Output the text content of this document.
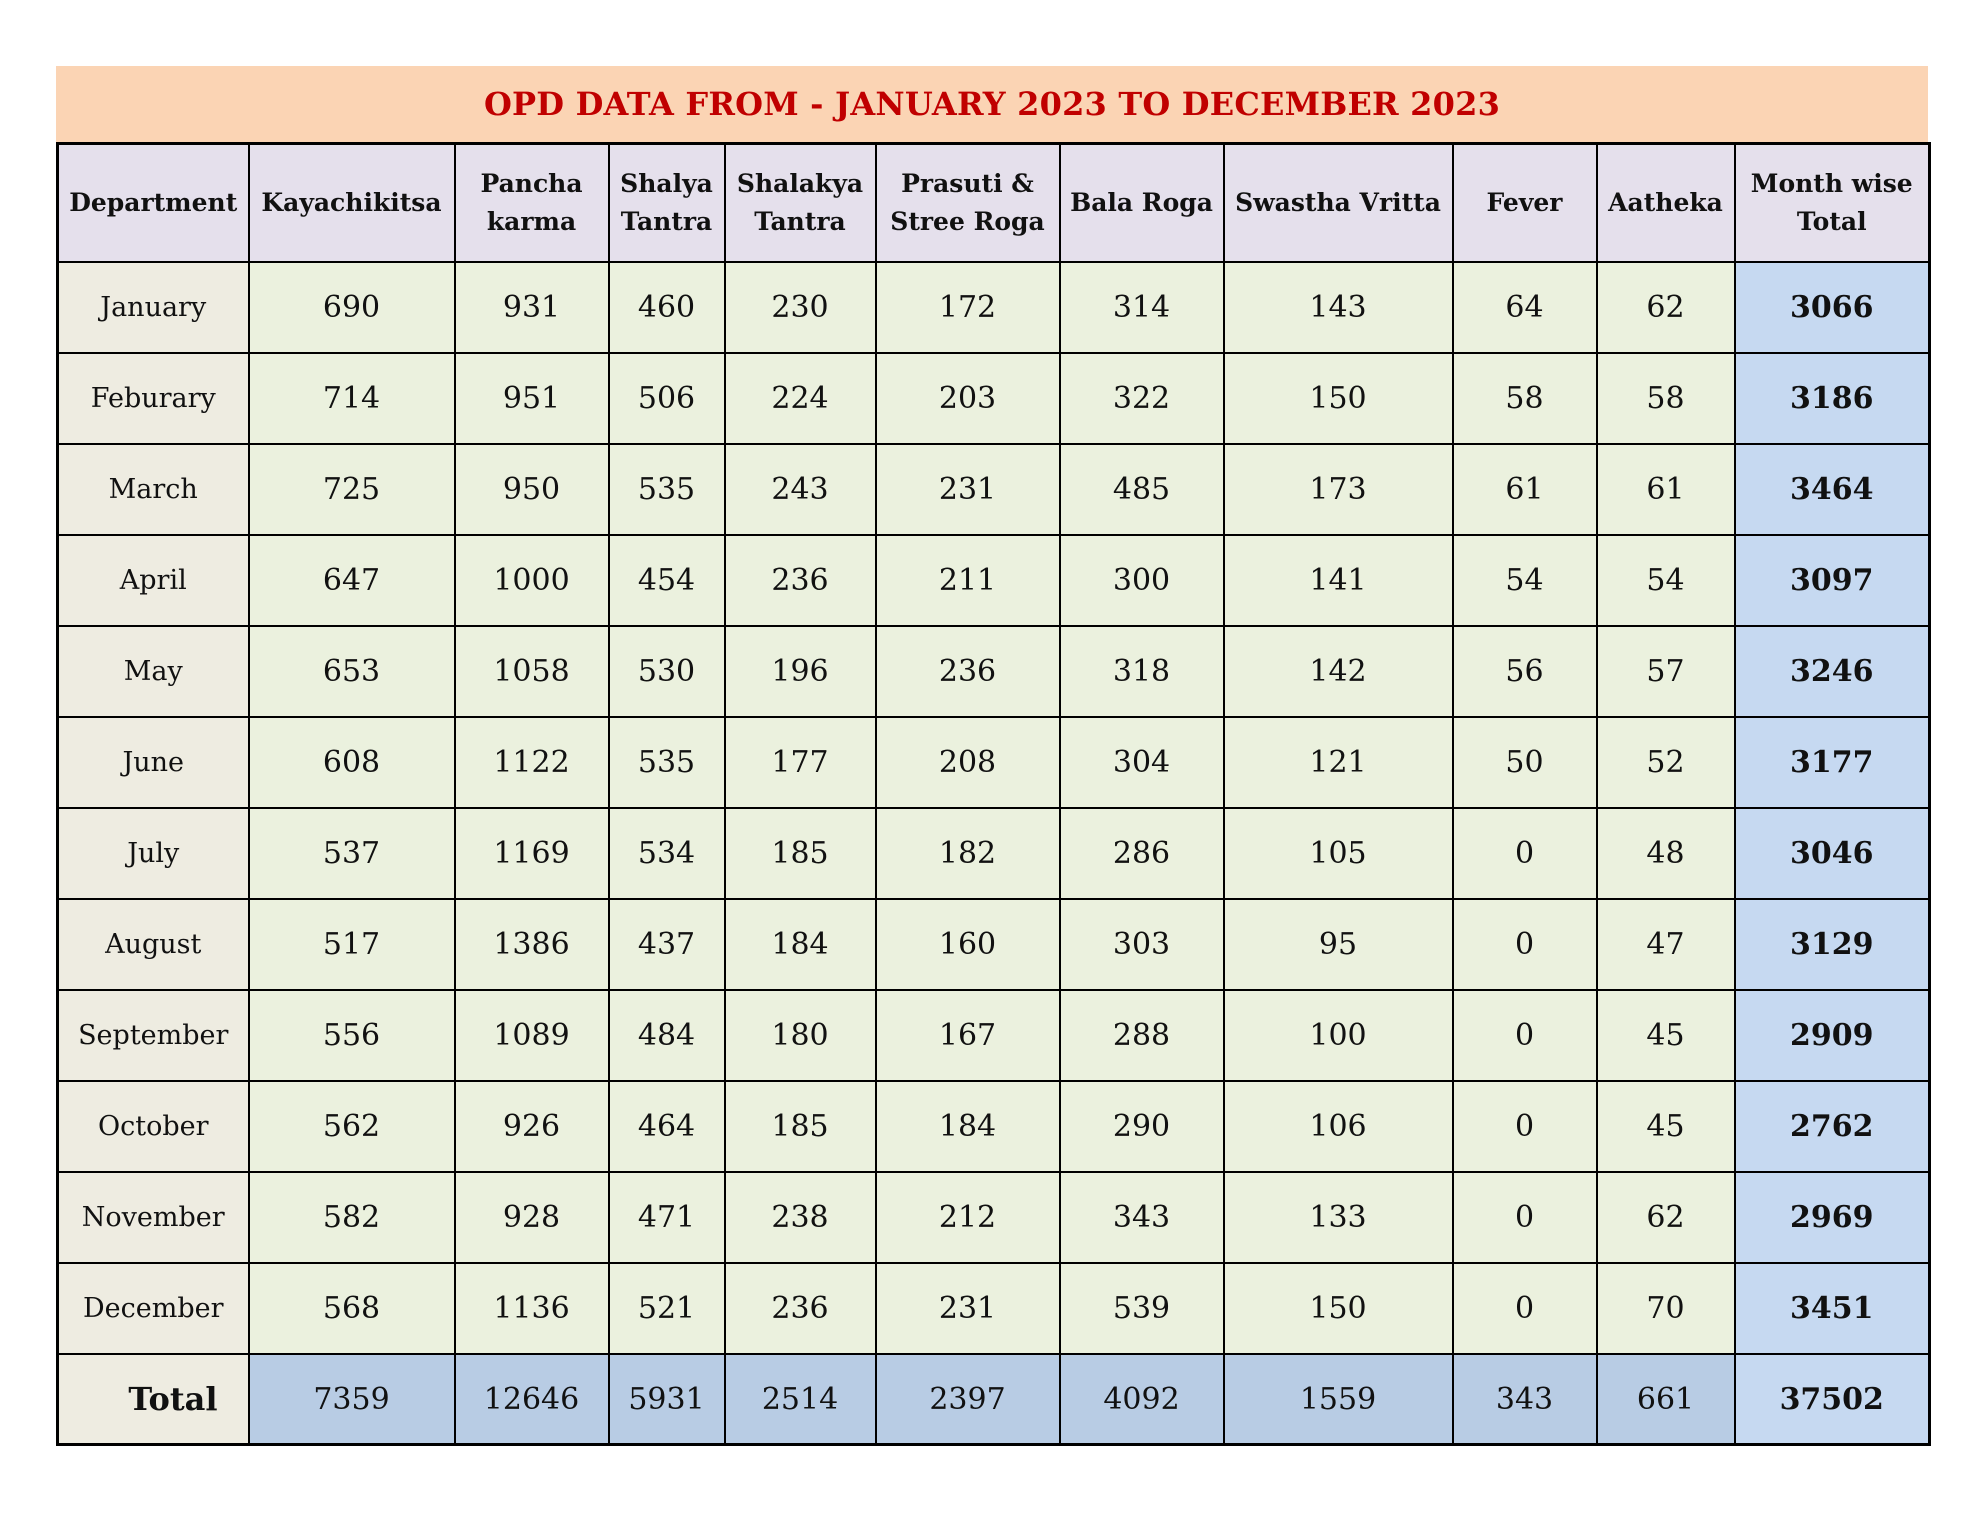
OPD DATA FROM - JANUARY 2023 TO DECEMBER 2023
Department	Kayachikitsa	Pancha karma	Shalya Tantra	Shalakya Tantra	Prasuti & Stree Roga	Bala Roga	Swastha Vritta	Fever	Aatheka	Month wise Total
January	690	931	460	230	172	314	143	64	62	3066
Feburary	714	951	506	224	203	322	150	58	58	3186
March	725	950	535	243	231	485	173	61	61	3464
April	647	1000	454	236	211	300	141	54	54	3097
May	653	1058	530	196	236	318	142	56	57	3246
June	608	1122	535	177	208	304	121	50	52	3177
July	537	1169	534	185	182	286	105	0	48	3046
August	517	1386	437	184	160	303	95	0	47	3129
September	556	1089	484	180	167	288	100	0	45	2909
October	562	926	464	185	184	290	106	0	45	2762
November	582	928	471	238	212	343	133	0	62	2969
December	568	1136	521	236	231	539	150	0	70	3451
Total	7359	12646	5931	2514	2397	4092	1559	343	661	37502
